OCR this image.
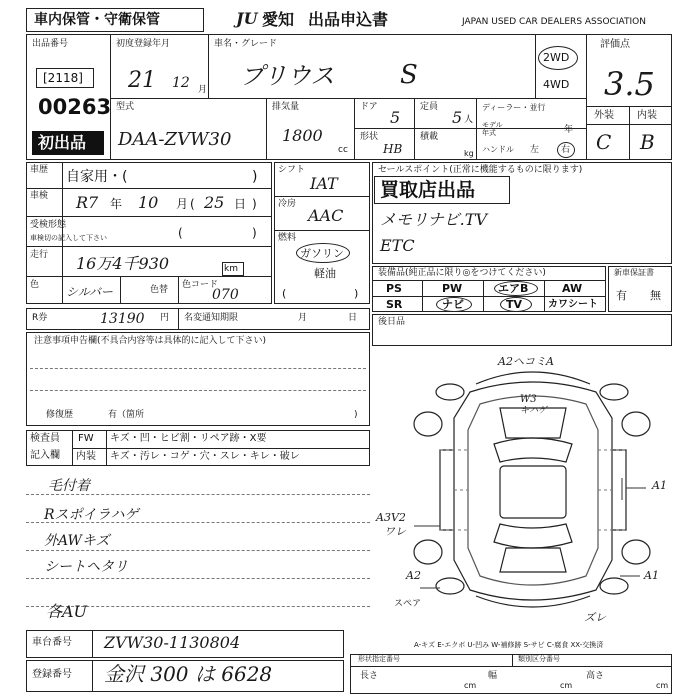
車内保管・守衛保管	JU 愛知 出品申込書	JAPAN USED CAR DEALERS ASSOCIATION
出品番号
[2118]
00263
初出品
初度登録年月
21 12 月
車名・グレード
プリウス	S
2WD
4WD
評価点
3.5
外装 内装
C B
型式
DAA-ZVW30
排気量
1800
cc
ドア
5
形状
HB
定員
5 人
積載
kg
ディーラー・並行
モデル年式	年
ハンドル 左 右
車歴 自家用・(	)
車検 R7 年 10 月 ( 25 日 )
受検形態
車検切の記入して下さい	(	)
走行 16万4千930	km
色 シルバー	色替 色コード
070
シフト
IAT
冷房
AAC
燃料
ガソリン
軽油
(	)
R券	13190 円 名変通知期限	月	日
注意事項申告欄(不具合内容等は具体的に記入して下さい)
修復歴	有（箇所	)
検査員
記入欄
FW キズ・凹・ヒビ割・リペア跡・X要
内装 キズ・汚レ・コゲ・穴・スレ・キレ・破レ
毛付着
Rスポイラハゲ
外AWキズ
シートヘタリ
各AU
セールスポイント(正常に機能するものに限ります)
買取店出品
メモリナビ.TV
ETC
装備品(純正品に限り◎をつけてください)
PS	PW	エアB	AW
SR	ナビ	TV	カワシート
新車保証書
有 無
後日品
A2ヘコミA
W3
キハゲ
A1
A3V2
ワレ
A2	A1
スペア
ズレ
A-キズ E-エクボ U-凹み W-補修跡 S-サビ C-腐食 XX-交換済
車台番号 ZVW30-1130804
登録番号 金沢 300 は 6628
形状指定番号	類別区分番号
長さ
cm
幅
cm
高さ
cm
